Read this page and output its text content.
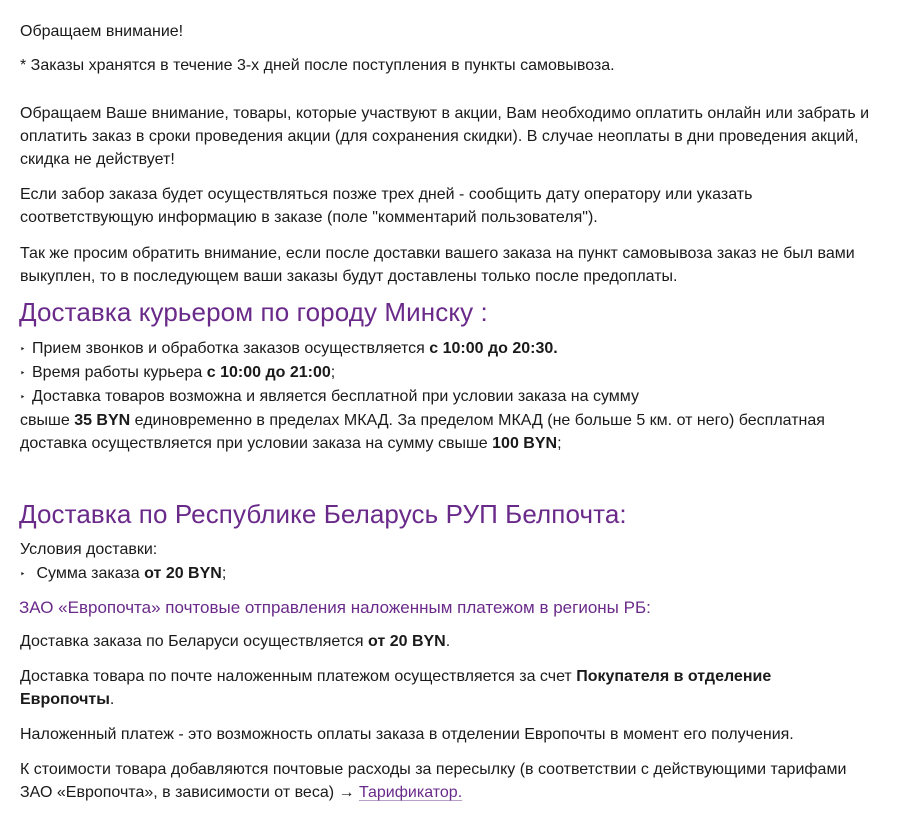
Обращаем внимание!

* Заказы хранятся в течение 3-х дней после поступления в пункты самовывоза.

Обращаем Ваше внимание, товары, которые участвуют в акции, Вам необходимо оплатить онлайн или забрать и оплатить заказ в сроки проведения акции (для сохранения скидки). В случае неоплаты в дни проведения акций, скидка не действует!

Если забор заказа будет осуществляться позже трех дней - сообщить дату оператору или указать соответствующую информацию в заказе (поле "комментарий пользователя").

Так же просим обратить внимание, если после доставки вашего заказа на пункт самовывоза заказ не был вами выкуплен, то в последующем ваши заказы будут доставлены только после предоплаты.

Доставка курьером по городу Минску :

‣ Прием звонков и обработка заказов осуществляется с 10:00 до 20:30.

‣ Время работы курьера с 10:00 до 21:00;

‣ Доставка товаров возможна и является бесплатной при условии заказа на сумму
свыше 35 BYN единовременно в пределах МКАД. За пределом МКАД (не больше 5 км. от него) бесплатная
доставка осуществляется при условии заказа на сумму свыше 100 BYN;

Доставка по Республике Беларусь РУП Белпочта:

Условия доставки:

‣ Сумма заказа от 20 BYN;

ЗАО «Европочта» почтовые отправления наложенным платежом в регионы РБ:

Доставка заказа по Беларуси осуществляется от 20 BYN.

Доставка товара по почте наложенным платежом осуществляется за счет Покупателя в отделение
Европочты.

Наложенный платеж - это возможность оплаты заказа в отделении Европочты в момент его получения.

К стоимости товара добавляются почтовые расходы за пересылку (в соответствии с действующими тарифами
ЗАО «Европочта», в зависимости от веса) → Тарификатор.
